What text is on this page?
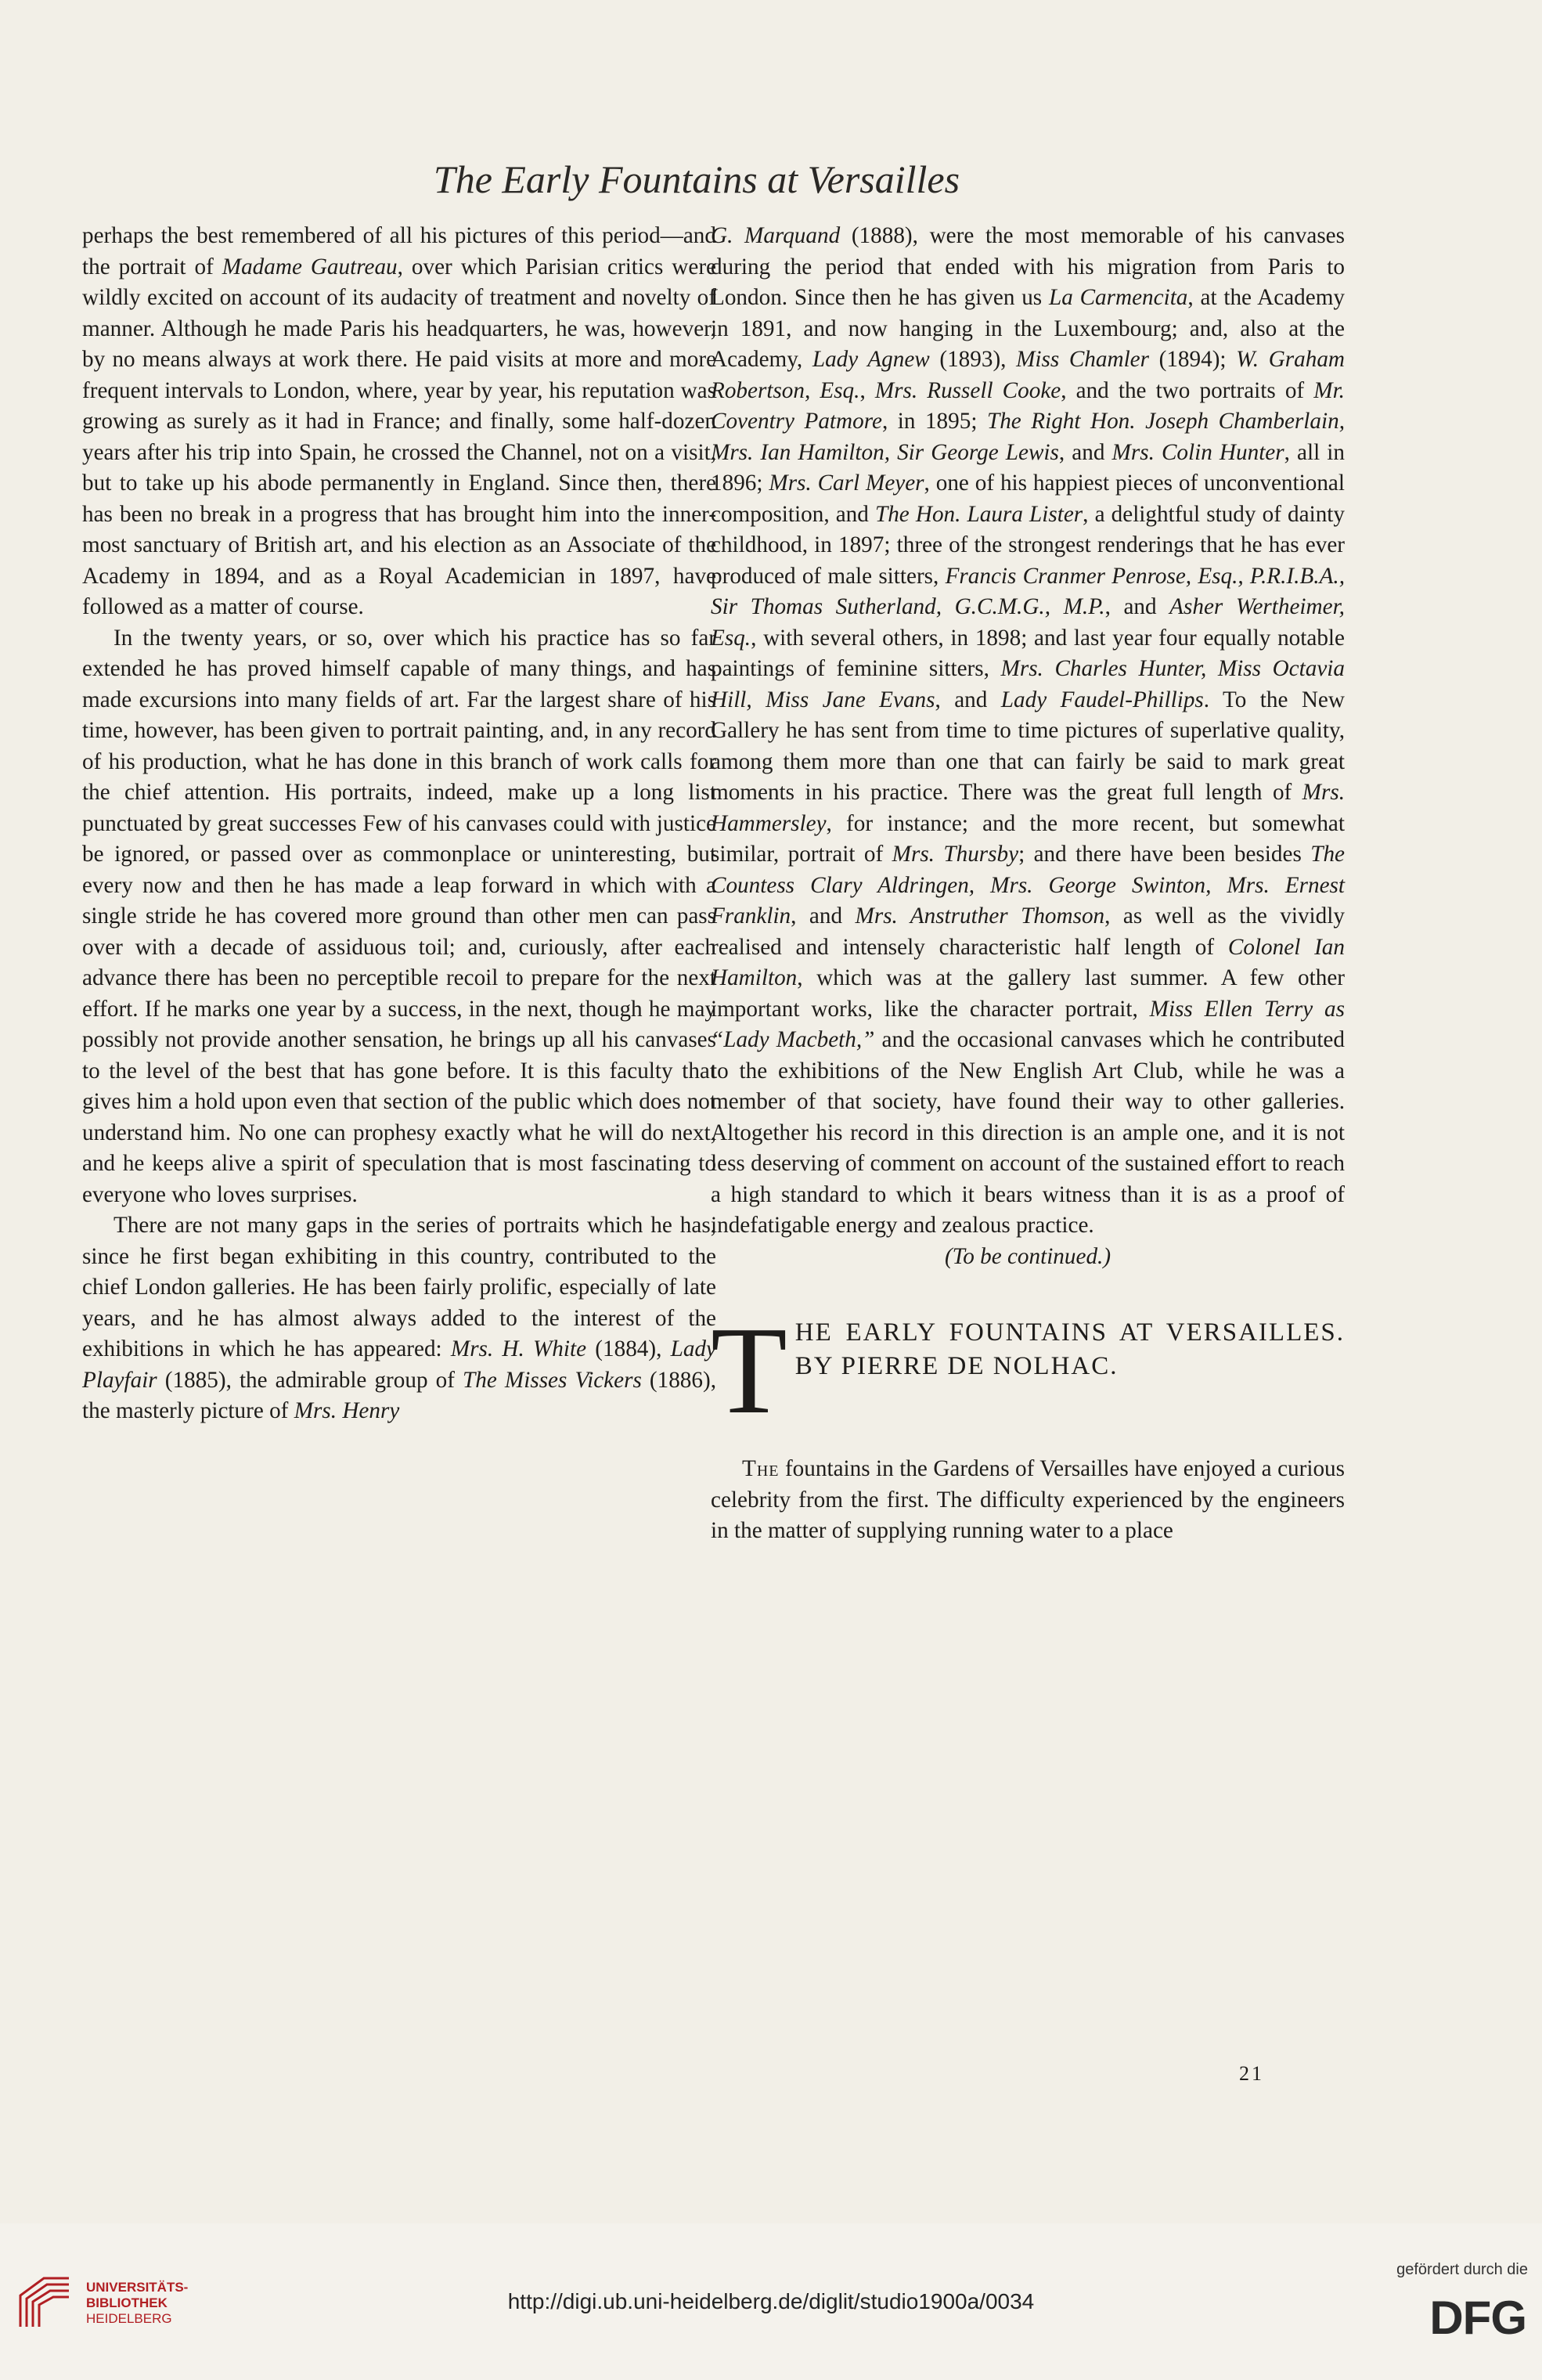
The Early Fountains at Versailles

perhaps the best remembered of all his pictures of this period—and the portrait of Madame Gautreau, over which Parisian critics were wildly excited on account of its audacity of treatment and novelty of manner. Although he made Paris his headquarters, he was, however, by no means always at work there. He paid visits at more and more frequent intervals to London, where, year by year, his reputation was growing as surely as it had in France; and finally, some half-dozen years after his trip into Spain, he crossed the Channel, not on a visit, but to take up his abode permanently in England. Since then, there has been no break in a progress that has brought him into the inner-most sanctuary of British art, and his election as an Associate of the Academy in 1894, and as a Royal Academician in 1897, have followed as a matter of course.

In the twenty years, or so, over which his practice has so far extended he has proved himself capable of many things, and has made excursions into many fields of art. Far the largest share of his time, however, has been given to portrait painting, and, in any record of his production, what he has done in this branch of work calls for the chief attention. His portraits, indeed, make up a long list punctuated by great successes Few of his canvases could with justice be ignored, or passed over as commonplace or uninteresting, but every now and then he has made a leap forward in which with a single stride he has covered more ground than other men can pass over with a decade of assiduous toil; and, curiously, after each advance there has been no perceptible recoil to prepare for the next effort. If he marks one year by a success, in the next, though he may possibly not provide another sensation, he brings up all his canvases to the level of the best that has gone before. It is this faculty that gives him a hold upon even that section of the public which does not understand him. No one can prophesy exactly what he will do next, and he keeps alive a spirit of speculation that is most fascinating to everyone who loves surprises.

There are not many gaps in the series of portraits which he has, since he first began exhibiting in this country, contributed to the chief London galleries. He has been fairly prolific, especially of late years, and he has almost always added to the interest of the exhibitions in which he has appeared: Mrs. H. White (1884), Lady Playfair (1885), the admirable group of The Misses Vickers (1886), the masterly picture of Mrs. Henry

G. Marquand (1888), were the most memorable of his canvases during the period that ended with his migration from Paris to London. Since then he has given us La Carmencita, at the Academy in 1891, and now hanging in the Luxembourg; and, also at the Academy, Lady Agnew (1893), Miss Chamler (1894); W. Graham Robertson, Esq., Mrs. Russell Cooke, and the two portraits of Mr. Coventry Patmore, in 1895; The Right Hon. Joseph Chamberlain, Mrs. Ian Hamilton, Sir George Lewis, and Mrs. Colin Hunter, all in 1896; Mrs. Carl Meyer, one of his happiest pieces of unconventional composition, and The Hon. Laura Lister, a delightful study of dainty childhood, in 1897; three of the strongest renderings that he has ever produced of male sitters, Francis Cranmer Penrose, Esq., P.R.I.B.A., Sir Thomas Sutherland, G.C.M.G., M.P., and Asher Wertheimer, Esq., with several others, in 1898; and last year four equally notable paintings of feminine sitters, Mrs. Charles Hunter, Miss Octavia Hill, Miss Jane Evans, and Lady Faudel-Phillips. To the New Gallery he has sent from time to time pictures of superlative quality, among them more than one that can fairly be said to mark great moments in his practice. There was the great full length of Mrs. Hammersley, for instance; and the more recent, but somewhat similar, portrait of Mrs. Thursby; and there have been besides The Countess Clary Aldringen, Mrs. George Swinton, Mrs. Ernest Franklin, and Mrs. Anstruther Thomson, as well as the vividly realised and intensely characteristic half length of Colonel Ian Hamilton, which was at the gallery last summer. A few other important works, like the character portrait, Miss Ellen Terry as “Lady Macbeth,” and the occasional canvases which he contributed to the exhibitions of the New English Art Club, while he was a member of that society, have found their way to other galleries. Altogether his record in this direction is an ample one, and it is not less deserving of comment on account of the sustained effort to reach a high standard to which it bears witness than it is as a proof of indefatigable energy and zealous practice.

(To be continued.)

T HE EARLY FOUNTAINS AT VERSAILLES. BY PIERRE DE NOLHAC.

The fountains in the Gardens of Versailles have enjoyed a curious celebrity from the first. The difficulty experienced by the engineers in the matter of supplying running water to a place

21
UNIVERSITÄTS-
BIBLIOTHEK
HEIDELBERG
http://digi.ub.uni-heidelberg.de/diglit/studio1900a/0034
gefördert durch die
DFG
